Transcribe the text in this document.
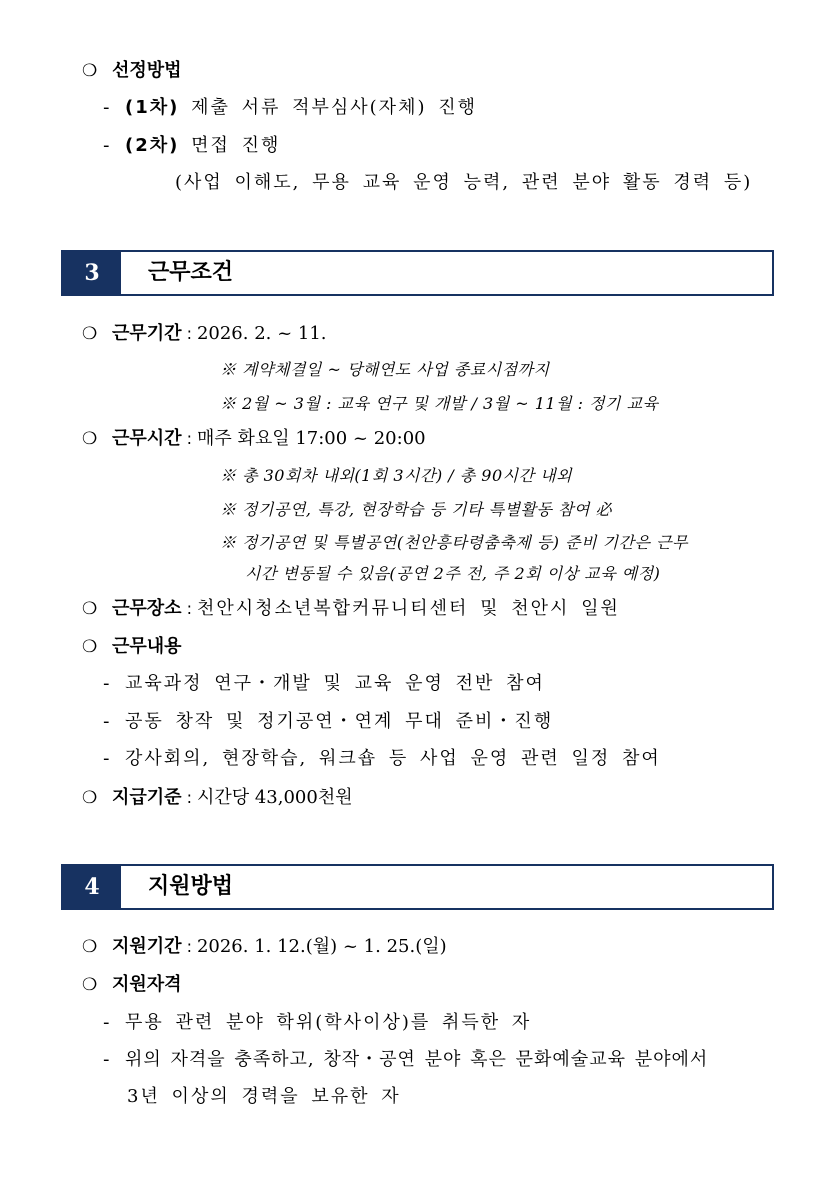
❍ 선정방법
- (1차) 제출 서류 적부심사(자체) 진행
- (2차) 면접 진행
(사업 이해도, 무용 교육 운영 능력, 관련 분야 활동 경력 등)
3	근무조건
❍ 근무기간 : 2026. 2. ~ 11.
※ 계약체결일 ~ 당해연도 사업 종료시점까지
※ 2월 ~ 3월 : 교육 연구 및 개발 / 3월 ~ 11월 : 정기 교육
❍ 근무시간 : 매주 화요일 17:00 ~ 20:00
※ 총 30회차 내외(1회 3시간) / 총 90시간 내외
※ 정기공연, 특강, 현장학습 등 기타 특별활동 참여 必
※ 정기공연 및 특별공연(천안흥타령춤축제 등) 준비 기간은 근무
시간 변동될 수 있음(공연 2주 전, 주 2회 이상 교육 예정)
❍ 근무장소 : 천안시청소년복합커뮤니티센터 및 천안시 일원
❍ 근무내용
- 교육과정 연구・개발 및 교육 운영 전반 참여
- 공동 창작 및 정기공연・연계 무대 준비・진행
- 강사회의, 현장학습, 워크숍 등 사업 운영 관련 일정 참여
❍ 지급기준 : 시간당 43,000천원
4	지원방법
❍ 지원기간 : 2026. 1. 12.(월) ~ 1. 25.(일)
❍ 지원자격
- 무용 관련 분야 학위(학사이상)를 취득한 자
- 위의 자격을 충족하고, 창작・공연 분야 혹은 문화예술교육 분야에서
3년 이상의 경력을 보유한 자
